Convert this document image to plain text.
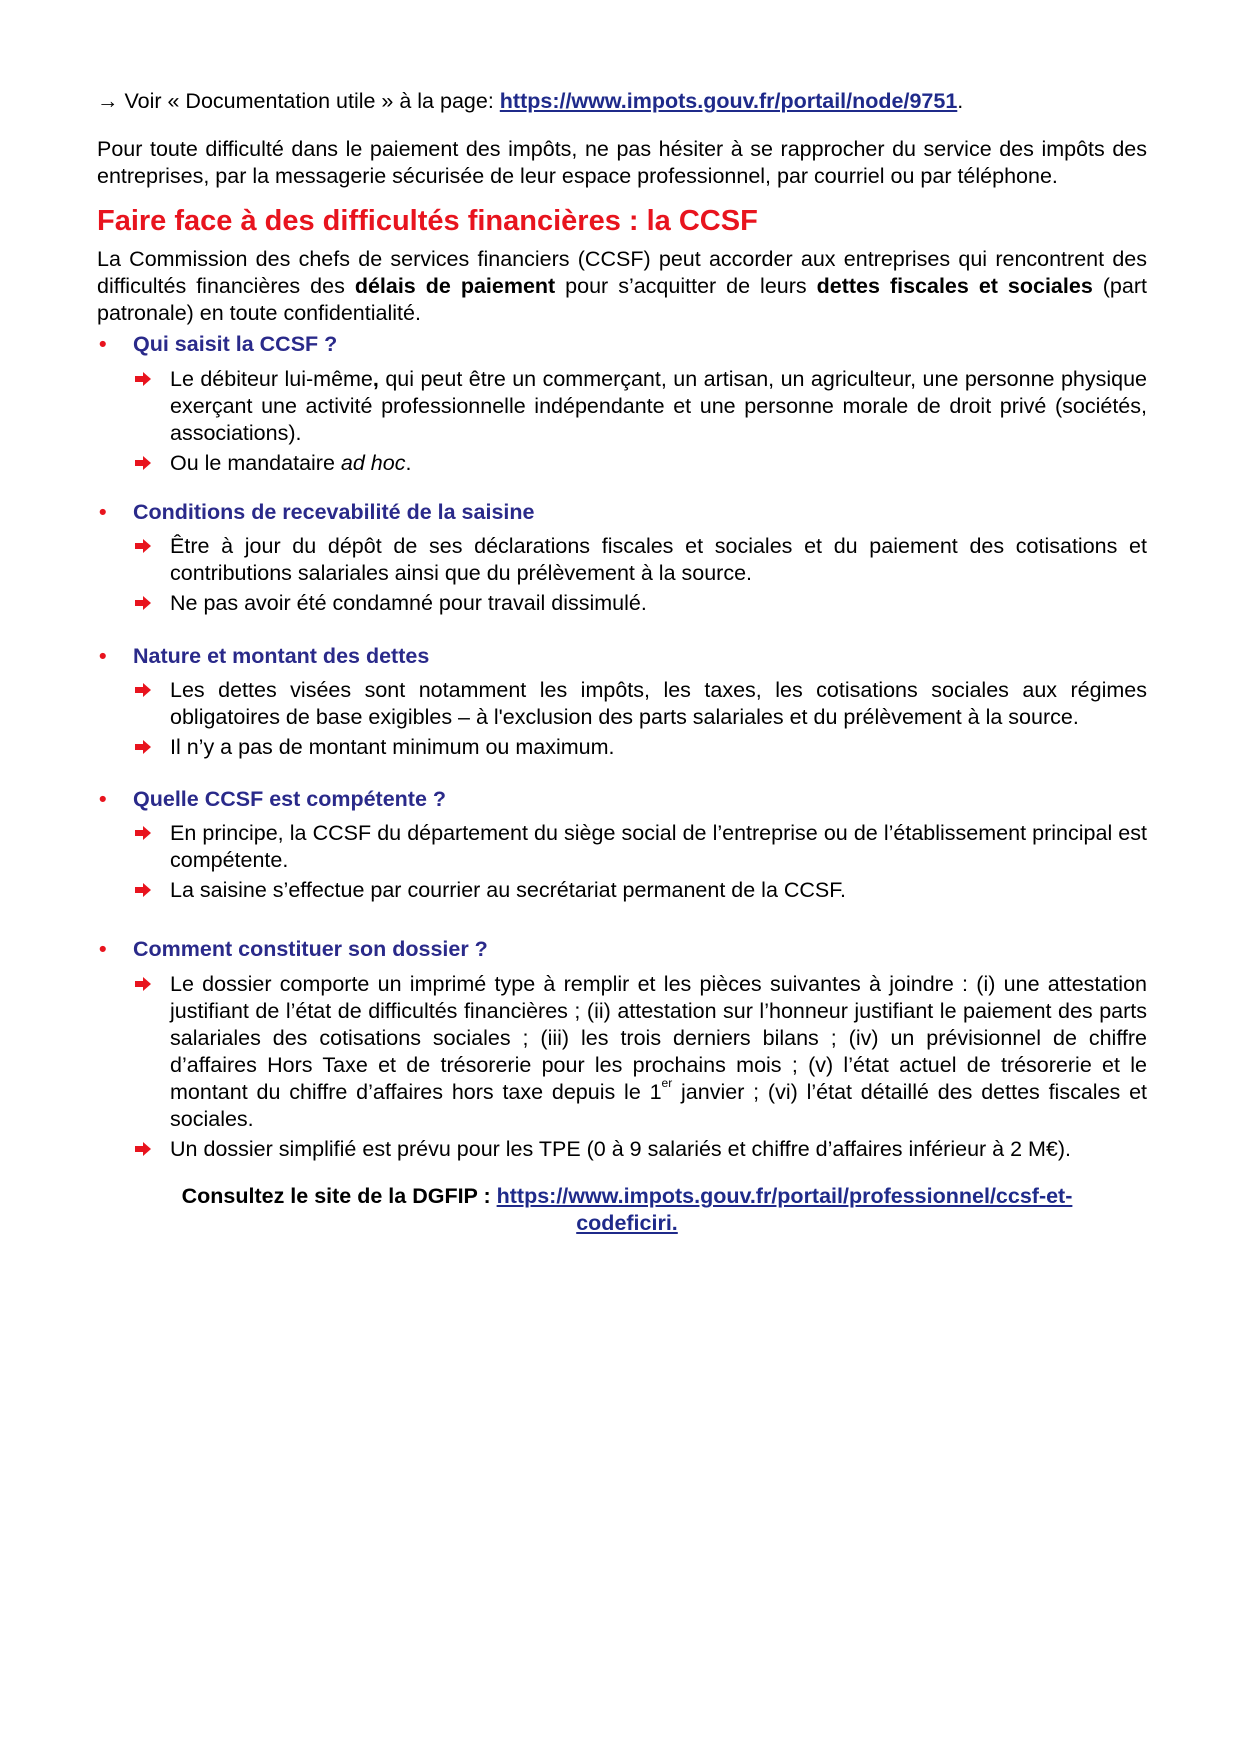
→ Voir « Documentation utile » à la page: https://www.impots.gouv.fr/portail/node/9751.

Pour toute difficulté dans le paiement des impôts, ne pas hésiter à se rapprocher du service des impôts des entreprises, par la messagerie sécurisée de leur espace professionnel, par courriel ou par téléphone.

Faire face à des difficultés financières : la CCSF

La Commission des chefs de services financiers (CCSF) peut accorder aux entreprises qui rencontrent des difficultés financières des délais de paiement pour s’acquitter de leurs dettes fiscales et sociales (part patronale) en toute confidentialité.

• Qui saisit la CCSF ?

Le débiteur lui-même, qui peut être un commerçant, un artisan, un agriculteur, une personne physique exerçant une activité professionnelle indépendante et une personne morale de droit privé (sociétés, associations).

Ou le mandataire ad hoc.

• Conditions de recevabilité de la saisine

Être à jour du dépôt de ses déclarations fiscales et sociales et du paiement des cotisations et contributions salariales ainsi que du prélèvement à la source.

Ne pas avoir été condamné pour travail dissimulé.

• Nature et montant des dettes

Les dettes visées sont notamment les impôts, les taxes, les cotisations sociales aux régimes obligatoires de base exigibles – à l'exclusion des parts salariales et du prélèvement à la source.

Il n’y a pas de montant minimum ou maximum.

• Quelle CCSF est compétente ?

En principe, la CCSF du département du siège social de l’entreprise ou de l’établissement principal est compétente.

La saisine s’effectue par courrier au secrétariat permanent de la CCSF.

• Comment constituer son dossier ?

Le dossier comporte un imprimé type à remplir et les pièces suivantes à joindre : (i) une attestation justifiant de l’état de difficultés financières ; (ii) attestation sur l’honneur justifiant le paiement des parts salariales des cotisations sociales ; (iii) les trois derniers bilans ; (iv) un prévisionnel de chiffre d’affaires Hors Taxe et de trésorerie pour les prochains mois ; (v) l’état actuel de trésorerie et le montant du chiffre d’affaires hors taxe depuis le 1er janvier ; (vi) l’état détaillé des dettes fiscales et sociales.

Un dossier simplifié est prévu pour les TPE (0 à 9 salariés et chiffre d’affaires inférieur à 2 M€).

Consultez le site de la DGFIP : https://www.impots.gouv.fr/portail/professionnel/ccsf-et-
codeficiri.
